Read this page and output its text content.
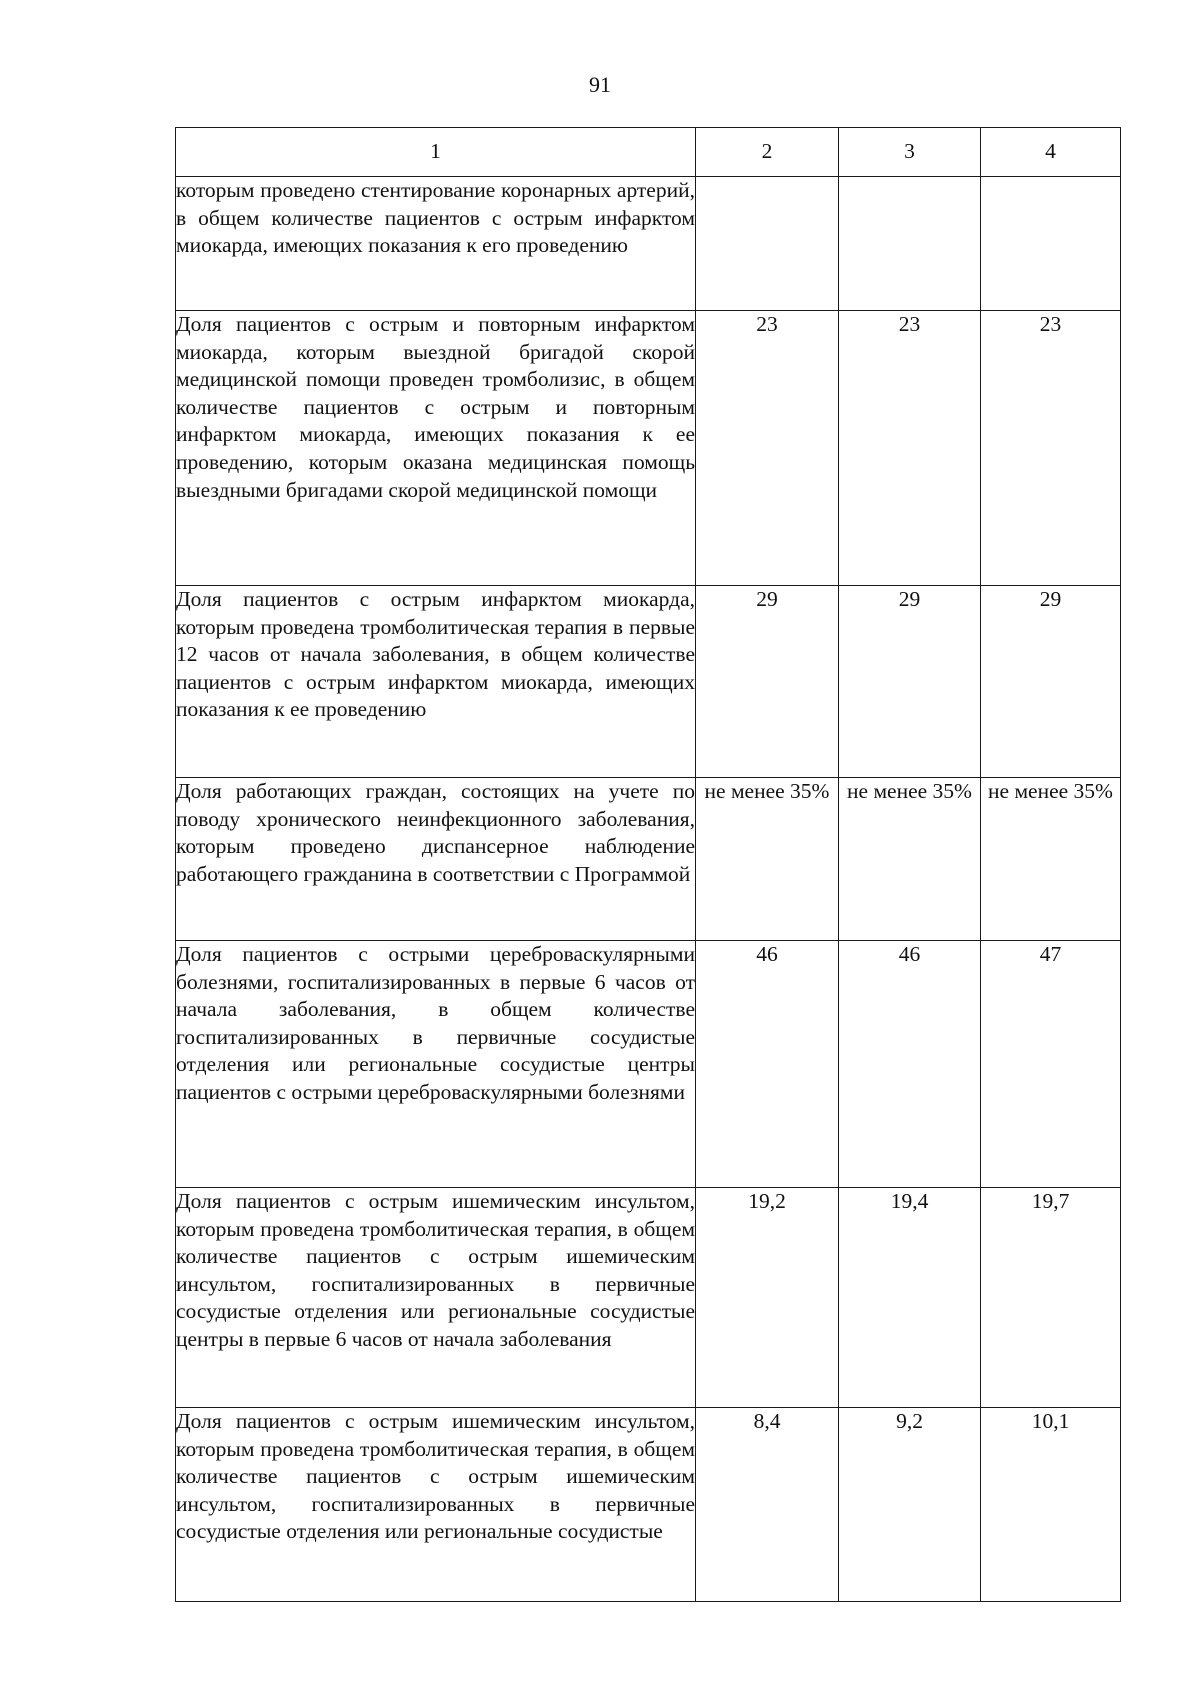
91
1	2	3	4
которым проведено стентирование коронарных артерий, в общем количестве пациентов с острым инфарктом миокарда, имеющих показания к его проведению			
Доля пациентов с острым и повторным инфарктом миокарда, которым выездной бригадой скорой медицинской помощи проведен тромболизис, в общем количестве пациентов с острым и повторным инфарктом миокарда, имеющих показания к ее проведению, которым оказана медицинская помощь выездными бригадами скорой медицинской помощи	23	23	23
Доля пациентов с острым инфарктом миокарда, которым проведена тромболитическая терапия в первые 12 часов от начала заболевания, в общем количестве пациентов с острым инфарктом миокарда, имеющих показания к ее проведению	29	29	29
Доля работающих граждан, состоящих на учете по поводу хронического неинфекционного заболевания, которым проведено диспансерное наблюдение работающего гражданина в соответствии с Программой	не менее 35%	не менее 35%	не менее 35%
Доля пациентов с острыми цереброваскулярными болезнями, госпитализированных в первые 6 часов от начала заболевания, в общем количестве госпитализированных в первичные сосудистые отделения или региональные сосудистые центры пациентов с острыми цереброваскулярными болезнями	46	46	47
Доля пациентов с острым ишемическим инсультом, которым проведена тромболитическая терапия, в общем количестве пациентов с острым ишемическим инсультом, госпитализированных в первичные сосудистые отделения или региональные сосудистые центры в первые 6 часов от начала заболевания	19,2	19,4	19,7
Доля пациентов с острым ишемическим инсультом, которым проведена тромболитическая терапия, в общем количестве пациентов с острым ишемическим инсультом, госпитализированных в первичные сосудистые отделения или региональные сосудистые	8,4	9,2	10,1
